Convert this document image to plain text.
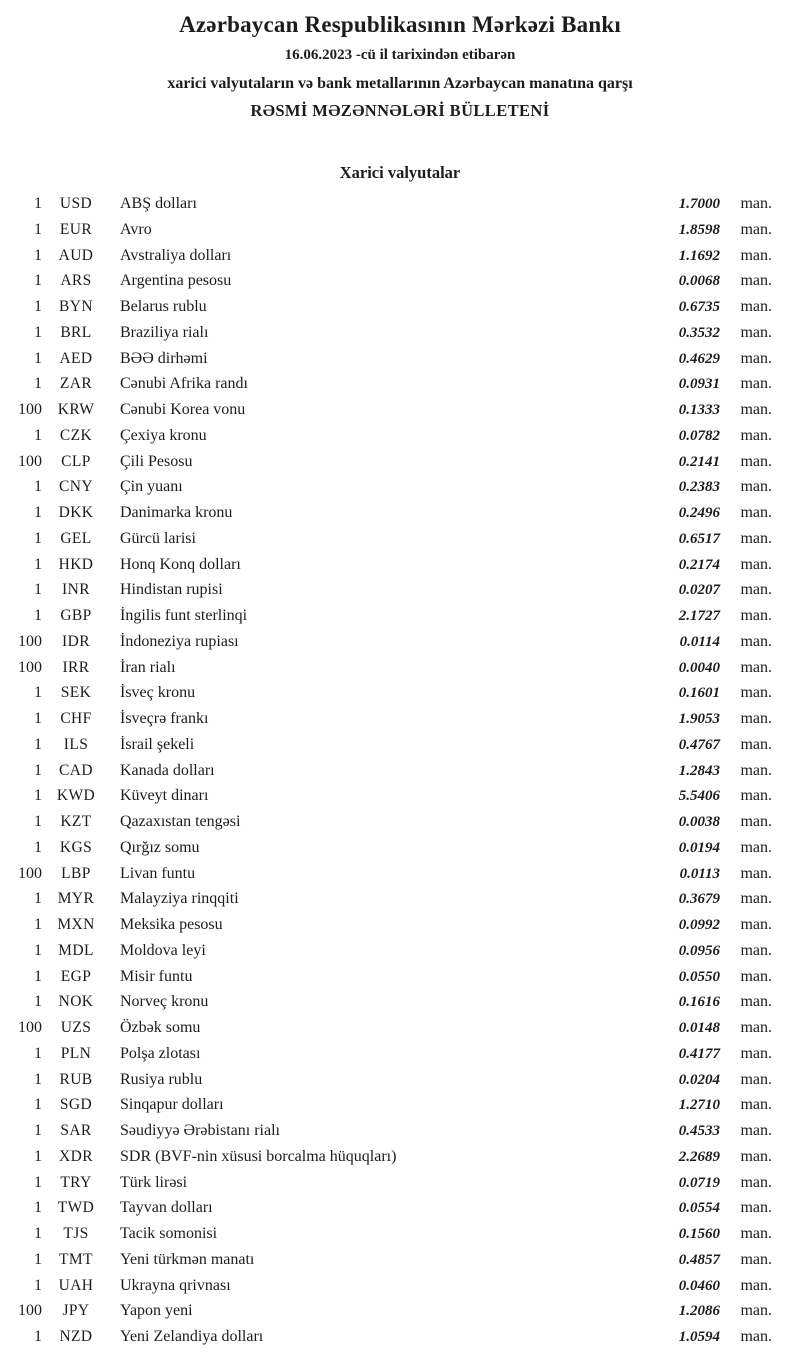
Azərbaycan Respublikasının Mərkəzi Bankı

16.06.2023 -cü il tarixindən etibarən

xarici valyutaların və bank metallarının Azərbaycan manatına qarşı

RƏSMİ MƏZƏNNƏLƏRİ BÜLLETENİ

Xarici valyutalar
1	USD	ABŞ dolları	1.7000	man.
1	EUR	Avro	1.8598	man.
1	AUD	Avstraliya dolları	1.1692	man.
1	ARS	Argentina pesosu	0.0068	man.
1	BYN	Belarus rublu	0.6735	man.
1	BRL	Braziliya rialı	0.3532	man.
1	AED	BƏƏ dirhəmi	0.4629	man.
1	ZAR	Cənubi Afrika randı	0.0931	man.
100	KRW	Cənubi Korea vonu	0.1333	man.
1	CZK	Çexiya kronu	0.0782	man.
100	CLP	Çili Pesosu	0.2141	man.
1	CNY	Çin yuanı	0.2383	man.
1	DKK	Danimarka kronu	0.2496	man.
1	GEL	Gürcü larisi	0.6517	man.
1	HKD	Honq Konq dolları	0.2174	man.
1	INR	Hindistan rupisi	0.0207	man.
1	GBP	İngilis funt sterlinqi	2.1727	man.
100	IDR	İndoneziya rupiası	0.0114	man.
100	IRR	İran rialı	0.0040	man.
1	SEK	İsveç kronu	0.1601	man.
1	CHF	İsveçrə frankı	1.9053	man.
1	ILS	İsrail şekeli	0.4767	man.
1	CAD	Kanada dolları	1.2843	man.
1 KWD	Küveyt dinarı	5.5406	man.
1	KZT	Qazaxıstan tengəsi	0.0038	man.
1	KGS	Qırğız somu	0.0194	man.
100	LBP	Livan funtu	0.0113	man.
1	MYR	Malayziya rinqqiti	0.3679	man.
1 MXN	Meksika pesosu	0.0992	man.
1	MDL	Moldova leyi	0.0956	man.
1	EGP	Misir funtu	0.0550	man.
1	NOK	Norveç kronu	0.1616	man.
100	UZS	Özbək somu	0.0148	man.
1	PLN	Polşa zlotası	0.4177	man.
1	RUB	Rusiya rublu	0.0204	man.
1	SGD	Sinqapur dolları	1.2710	man.
1	SAR	Səudiyyə Ərəbistanı rialı	0.4533	man.
1	XDR	SDR (BVF-nin xüsusi borcalma hüquqları)	2.2689	man.
1	TRY	Türk lirəsi	0.0719	man.
1	TWD	Tayvan dolları	0.0554	man.
1	TJS	Tacik somonisi	0.1560	man.
1	TMT	Yeni türkmən manatı	0.4857	man.
1	UAH	Ukrayna qrivnası	0.0460	man.
100	JPY	Yapon yeni	1.2086	man.
1	NZD	Yeni Zelandiya dolları	1.0594	man.
